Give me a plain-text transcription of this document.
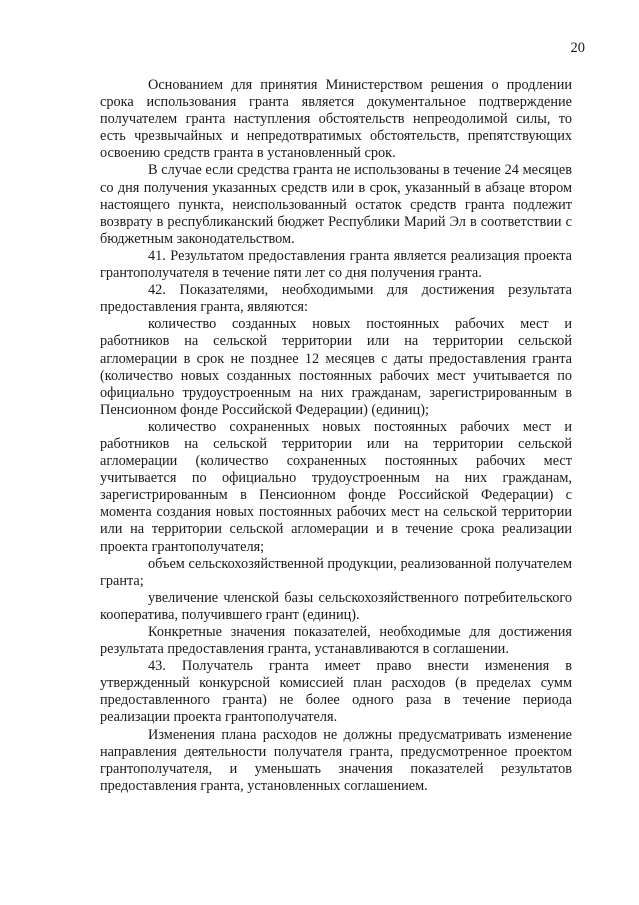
20

Основанием для принятия Министерством решения о продлении срока использования гранта является документальное подтверждение получателем гранта наступления обстоятельств непреодолимой силы, то есть чрезвычайных и непредотвратимых обстоятельств, препятствующих освоению средств гранта в установленный срок.

В случае если средства гранта не использованы в течение 24 месяцев со дня получения указанных средств или в срок, указанный в абзаце втором настоящего пункта, неиспользованный остаток средств гранта подлежит возврату в республиканский бюджет Республики Марий Эл в соответствии с бюджетным законодательством.

41. Результатом предоставления гранта является реализация проекта грантополучателя в течение пяти лет со дня получения гранта.

42. Показателями, необходимыми для достижения результата предоставления гранта, являются:

количество созданных новых постоянных рабочих мест и работников на сельской территории или на территории сельской агломерации в срок не позднее 12 месяцев с даты предоставления гранта (количество новых созданных постоянных рабочих мест учитывается по официально трудоустроенным на них гражданам, зарегистрированным в Пенсионном фонде Российской Федерации) (единиц);

количество сохраненных новых постоянных рабочих мест и работников на сельской территории или на территории сельской агломерации (количество сохраненных постоянных рабочих мест учитывается по официально трудоустроенным на них гражданам, зарегистрированным в Пенсионном фонде Российской Федерации) с момента создания новых постоянных рабочих мест на сельской территории или на территории сельской агломерации и в течение срока реализации проекта грантополучателя;

объем сельскохозяйственной продукции, реализованной получателем гранта;

увеличение членской базы сельскохозяйственного потребительского кооператива, получившего грант (единиц).

Конкретные значения показателей, необходимые для достижения результата предоставления гранта, устанавливаются в соглашении.

43. Получатель гранта имеет право внести изменения в утвержденный конкурсной комиссией план расходов (в пределах сумм предоставленного гранта) не более одного раза в течение периода реализации проекта грантополучателя.

Изменения плана расходов не должны предусматривать изменение направления деятельности получателя гранта, предусмотренное проектом грантополучателя, и уменьшать значения показателей результатов предоставления гранта, установленных соглашением.
